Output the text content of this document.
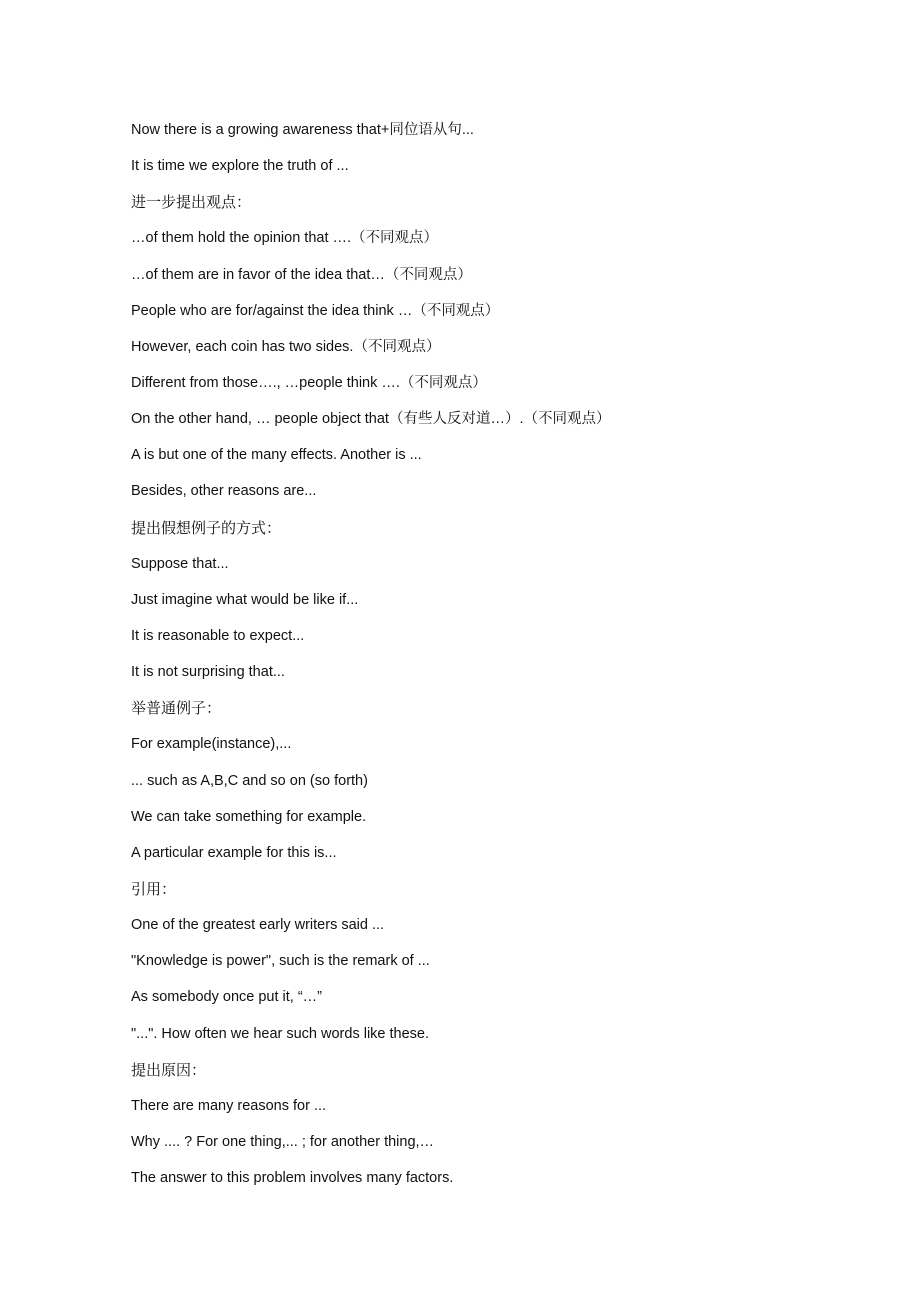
Now there is a growing awareness that+同位语从句...
It is time we explore the truth of ...
进一步提出观点：
…of them hold the opinion that ….（不同观点）
…of them are in favor of the idea that…（不同观点）
People who are for/against the idea think …（不同观点）
However, each coin has two sides.（不同观点）
Different from those…., …people think ….（不同观点）
On the other hand, … people object that（有些人反对道…）.（不同观点）
A is but one of the many effects. Another is ...
Besides, other reasons are...
提出假想例子的方式：
Suppose that...
Just imagine what would be like if...
It is reasonable to expect...
It is not surprising that...
举普通例子：
For example(instance),...
... such as A,B,C and so on (so forth)
We can take something for example.
A particular example for this is...
引用：
One of the greatest early writers said ...
"Knowledge is power", such is the remark of ...
As somebody once put it, “…”
"...". How often we hear such words like these.
提出原因：
There are many reasons for ...
Why .... ? For one thing,... ; for another thing,…
The answer to this problem involves many factors.
